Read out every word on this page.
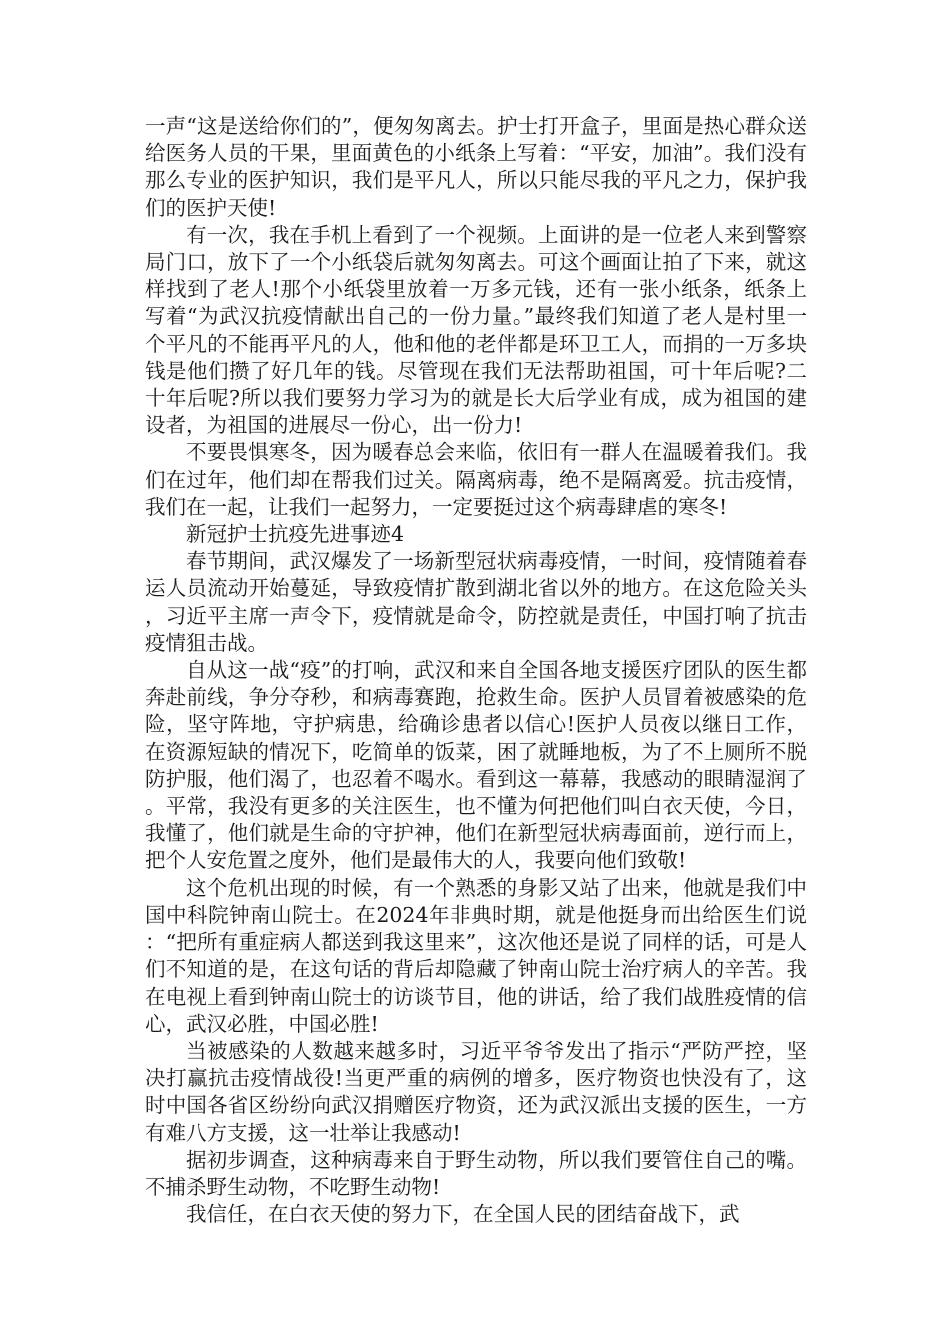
一声“这是送给你们的”，便匆匆离去。护士打开盒子，里面是热心群众送给医务人员的干果，里面黄色的小纸条上写着：“平安，加油”。我们没有那么专业的医护知识，我们是平凡人，所以只能尽我的平凡之力，保护我们的医护天使!

有一次，我在手机上看到了一个视频。上面讲的是一位老人来到警察局门口，放下了一个小纸袋后就匆匆离去。可这个画面让拍了下来，就这样找到了老人!那个小纸袋里放着一万多元钱，还有一张小纸条，纸条上写着“为武汉抗疫情献出自己的一份力量。”最终我们知道了老人是村里一个平凡的不能再平凡的人，他和他的老伴都是环卫工人，而捐的一万多块钱是他们攒了好几年的钱。尽管现在我们无法帮助祖国，可十年后呢?二十年后呢?所以我们要努力学习为的就是长大后学业有成，成为祖国的建设者，为祖国的进展尽一份心，出一份力!

不要畏惧寒冬，因为暖春总会来临，依旧有一群人在温暖着我们。我们在过年，他们却在帮我们过关。隔离病毒，绝不是隔离爱。抗击疫情，我们在一起，让我们一起努力，一定要挺过这个病毒肆虐的寒冬!

新冠护士抗疫先进事迹4

春节期间，武汉爆发了一场新型冠状病毒疫情，一时间，疫情随着春运人员流动开始蔓延，导致疫情扩散到湖北省以外的地方。在这危险关头，习近平主席一声令下，疫情就是命令，防控就是责任，中国打响了抗击疫情狙击战。

自从这一战“疫”的打响，武汉和来自全国各地支援医疗团队的医生都奔赴前线，争分夺秒，和病毒赛跑，抢救生命。医护人员冒着被感染的危险，坚守阵地，守护病患，给确诊患者以信心!医护人员夜以继日工作，在资源短缺的情况下，吃简单的饭菜，困了就睡地板，为了不上厕所不脱防护服，他们渴了，也忍着不喝水。看到这一幕幕，我感动的眼睛湿润了。平常，我没有更多的关注医生，也不懂为何把他们叫白衣天使，今日，我懂了，他们就是生命的守护神，他们在新型冠状病毒面前，逆行而上，把个人安危置之度外，他们是最伟大的人，我要向他们致敬!

这个危机出现的时候，有一个熟悉的身影又站了出来，他就是我们中国中科院钟南山院士。在2024年非典时期，就是他挺身而出给医生们说：“把所有重症病人都送到我这里来”，这次他还是说了同样的话，可是人们不知道的是，在这句话的背后却隐藏了钟南山院士治疗病人的辛苦。我在电视上看到钟南山院士的访谈节目，他的讲话，给了我们战胜疫情的信心，武汉必胜，中国必胜!

当被感染的人数越来越多时，习近平爷爷发出了指示“严防严控，坚决打赢抗击疫情战役!当更严重的病例的增多，医疗物资也快没有了，这时中国各省区纷纷向武汉捐赠医疗物资，还为武汉派出支援的医生，一方有难八方支援，这一壮举让我感动!

据初步调查，这种病毒来自于野生动物，所以我们要管住自己的嘴。不捕杀野生动物，不吃野生动物!

我信任，在白衣天使的努力下，在全国人民的团结奋战下，武
